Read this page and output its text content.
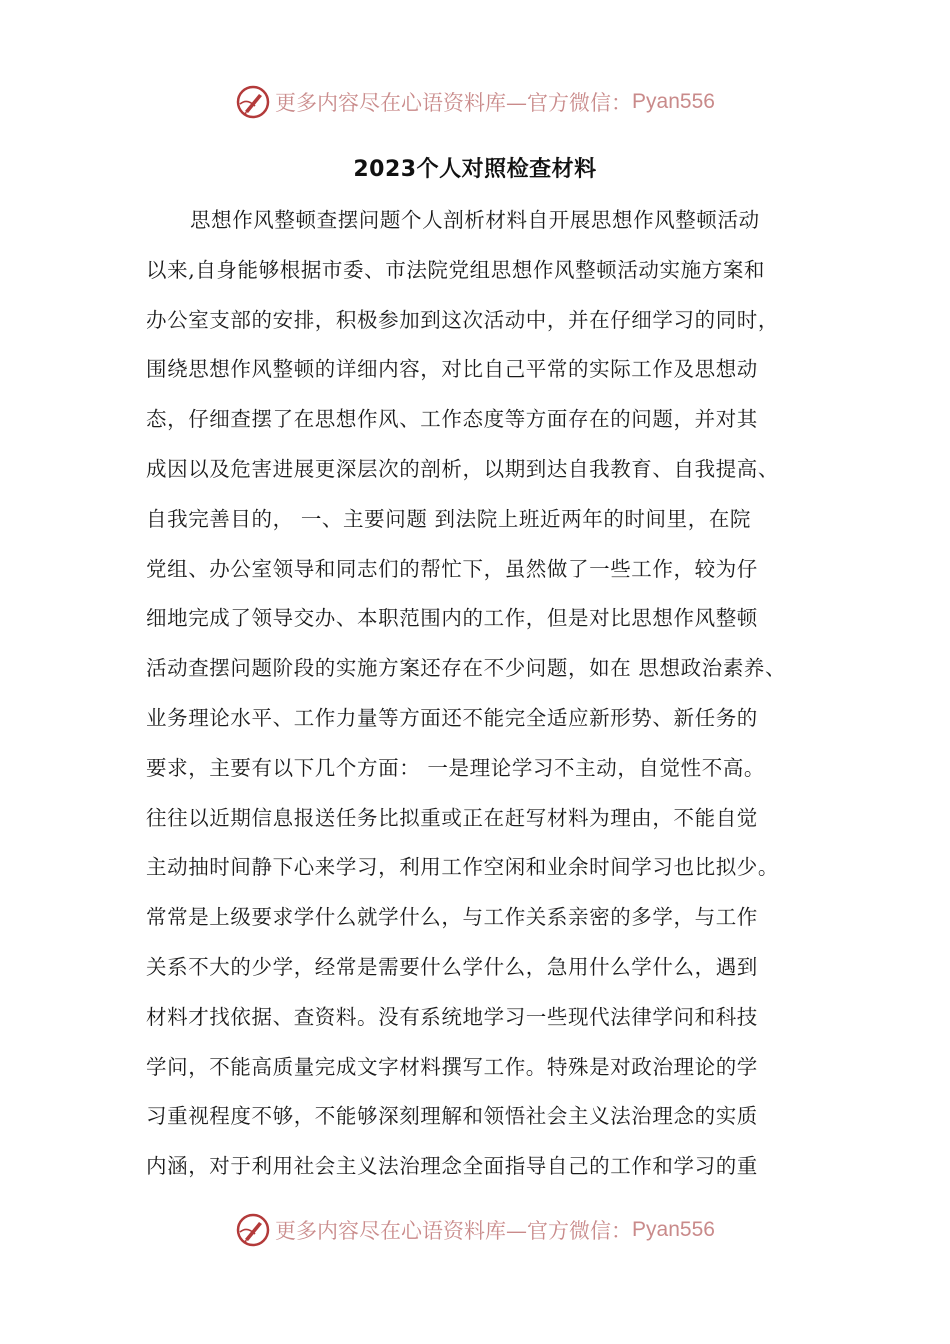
更多内容尽在心语资料库—官方微信： Pyan556
2023个人对照检查材料
思想作风整顿查摆问题个人剖析材料自开展思想作风整顿活动
以来,自身能够根据市委、市法院党组思想作风整顿活动实施方案和
办公室支部的安排，积极参加到这次活动中，并在仔细学习的同时，
围绕思想作风整顿的详细内容，对比自己平常的实际工作及思想动
态，仔细查摆了在思想作风、工作态度等方面存在的问题，并对其
成因以及危害进展更深层次的剖析，以期到达自我教育、自我提高、
自我完善目的， 一、主要问题 到法院上班近两年的时间里，在院
党组、办公室领导和同志们的帮忙下，虽然做了一些工作，较为仔
细地完成了领导交办、本职范围内的工作，但是对比思想作风整顿
活动查摆问题阶段的实施方案还存在不少问题，如在 思想政治素养、
业务理论水平、工作力量等方面还不能完全适应新形势、新任务的
要求，主要有以下几个方面： 一是理论学习不主动，自觉性不高。
往往以近期信息报送任务比拟重或正在赶写材料为理由，不能自觉
主动抽时间静下心来学习，利用工作空闲和业余时间学习也比拟少。
常常是上级要求学什么就学什么，与工作关系亲密的多学，与工作
关系不大的少学，经常是需要什么学什么，急用什么学什么，遇到
材料才找依据、查资料。没有系统地学习一些现代法律学问和科技
学问，不能高质量完成文字材料撰写工作。特殊是对政治理论的学
习重视程度不够，不能够深刻理解和领悟社会主义法治理念的实质
内涵，对于利用社会主义法治理念全面指导自己的工作和学习的重
更多内容尽在心语资料库—官方微信： Pyan556
